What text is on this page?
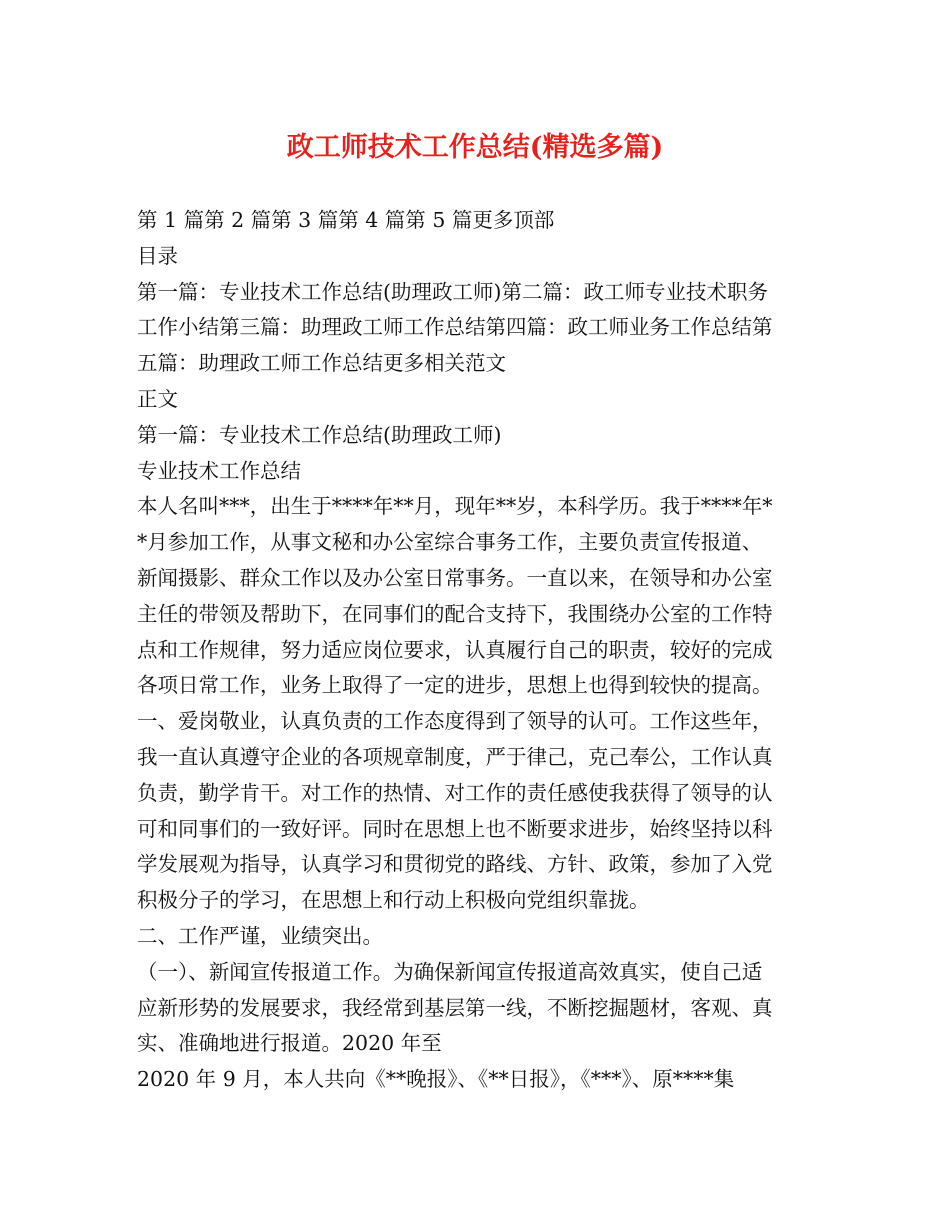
政工师技术工作总结(精选多篇)
第 1 篇第 2 篇第 3 篇第 4 篇第 5 篇更多顶部
目录
第一篇：专业技术工作总结(助理政工师)第二篇：政工师专业技术职务
工作小结第三篇：助理政工师工作总结第四篇：政工师业务工作总结第
五篇：助理政工师工作总结更多相关范文
正文
第一篇：专业技术工作总结(助理政工师)
专业技术工作总结
本人名叫***，出生于****年**月，现年**岁，本科学历。我于****年*
*月参加工作，从事文秘和办公室综合事务工作，主要负责宣传报道、
新闻摄影、群众工作以及办公室日常事务。一直以来，在领导和办公室
主任的带领及帮助下，在同事们的配合支持下，我围绕办公室的工作特
点和工作规律，努力适应岗位要求，认真履行自己的职责，较好的完成
各项日常工作，业务上取得了一定的进步，思想上也得到较快的提高。
一、爱岗敬业，认真负责的工作态度得到了领导的认可。工作这些年，
我一直认真遵守企业的各项规章制度，严于律己，克己奉公，工作认真
负责，勤学肯干。对工作的热情、对工作的责任感使我获得了领导的认
可和同事们的一致好评。同时在思想上也不断要求进步，始终坚持以科
学发展观为指导，认真学习和贯彻党的路线、方针、政策，参加了入党
积极分子的学习，在思想上和行动上积极向党组织靠拢。
二、工作严谨，业绩突出。
（一）、新闻宣传报道工作。为确保新闻宣传报道高效真实，使自己适
应新形势的发展要求，我经常到基层第一线，不断挖掘题材，客观、真
实、准确地进行报道。2020 年至
2020 年 9 月，本人共向《**晚报》、《**日报》，《***》、原****集
